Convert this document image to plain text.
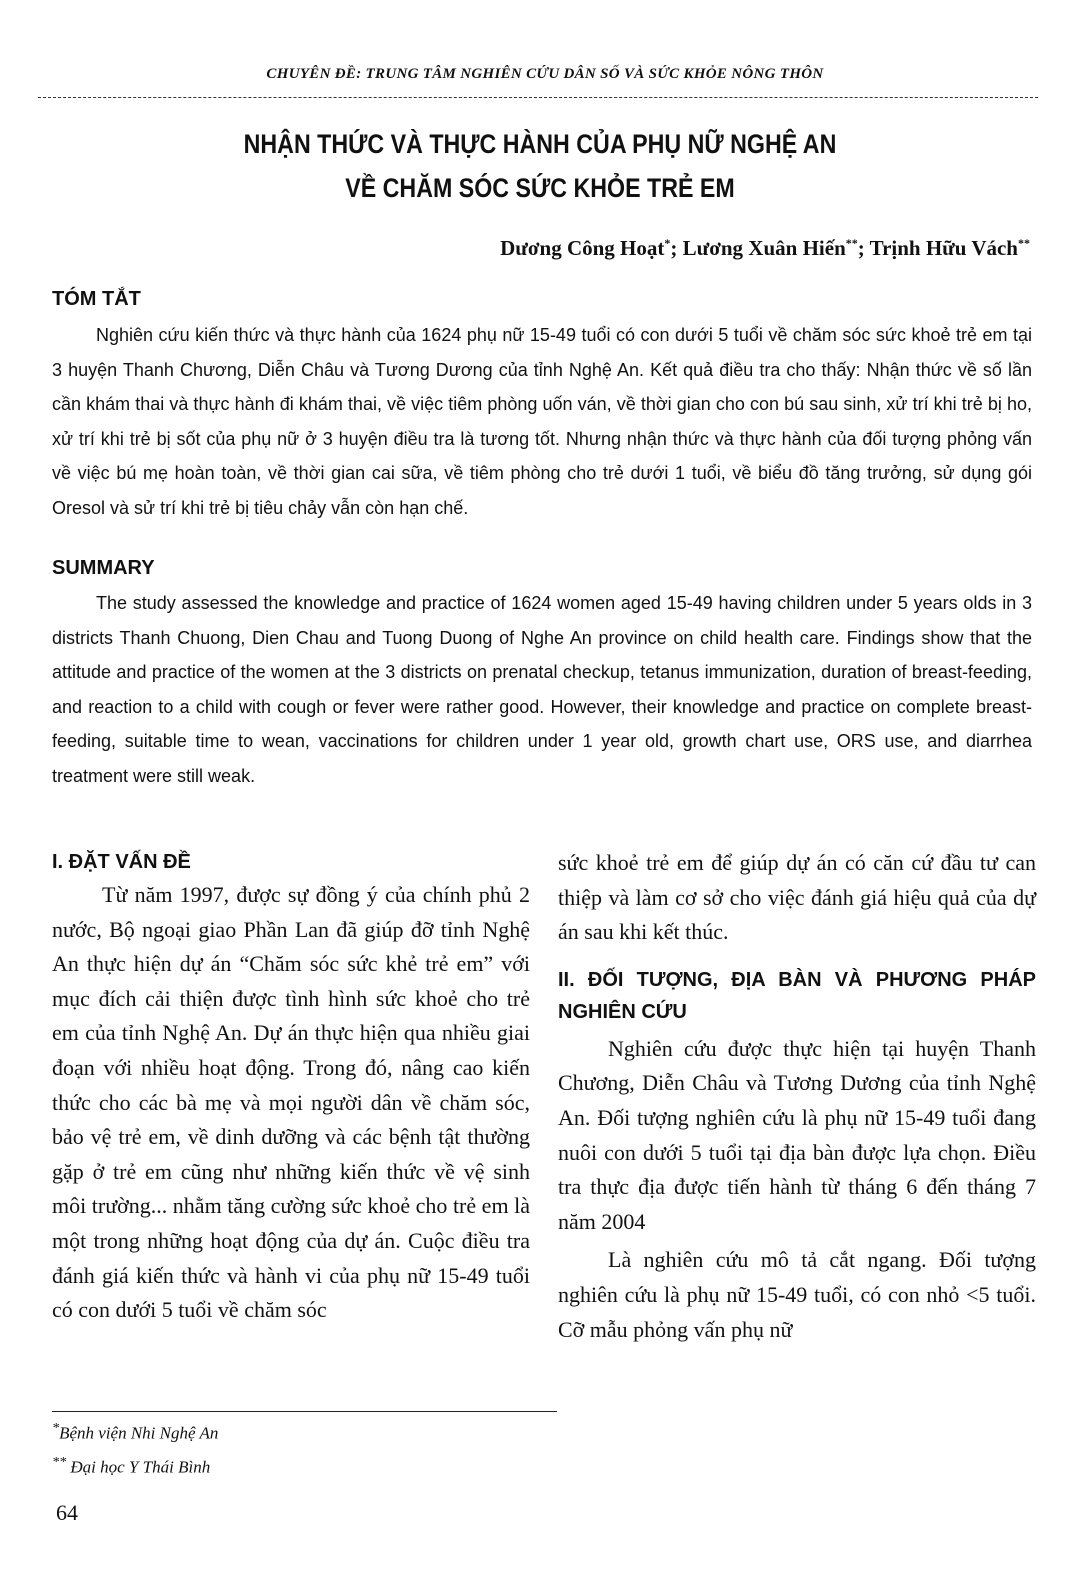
CHUYÊN ĐỀ: TRUNG TÂM NGHIÊN CỨU DÂN SỐ VÀ SỨC KHỎE NÔNG THÔN
NHẬN THỨC VÀ THỰC HÀNH CỦA PHỤ NỮ NGHỆ AN
VỀ CHĂM SÓC SỨC KHỎE TRẺ EM
Dương Công Hoạt*; Lương Xuân Hiến**; Trịnh Hữu Vách**
TÓM TẮT

Nghiên cứu kiến thức và thực hành của 1624 phụ nữ 15-49 tuổi có con dưới 5 tuổi về chăm sóc sức khoẻ trẻ em tại 3 huyện Thanh Chương, Diễn Châu và Tương Dương của tỉnh Nghệ An. Kết quả điều tra cho thấy: Nhận thức về số lần cần khám thai và thực hành đi khám thai, về việc tiêm phòng uốn ván, về thời gian cho con bú sau sinh, xử trí khi trẻ bị ho, xử trí khi trẻ bị sốt của phụ nữ ở 3 huyện điều tra là tương tốt. Nhưng nhận thức và thực hành của đối tượng phỏng vấn về việc bú mẹ hoàn toàn, về thời gian cai sữa, về tiêm phòng cho trẻ dưới 1 tuổi, về biểu đồ tăng trưởng, sử dụng gói Oresol và sử trí khi trẻ bị tiêu chảy vẫn còn hạn chế.

SUMMARY

The study assessed the knowledge and practice of 1624 women aged 15-49 having children under 5 years olds in 3 districts Thanh Chuong, Dien Chau and Tuong Duong of Nghe An province on child health care. Findings show that the attitude and practice of the women at the 3 districts on prenatal checkup, tetanus immunization, duration of breast-feeding, and reaction to a child with cough or fever were rather good. However, their knowledge and practice on complete breast-feeding, suitable time to wean, vaccinations for children under 1 year old, growth chart use, ORS use, and diarrhea treatment were still weak.

I. ĐẶT VẤN ĐỀ

Từ năm 1997, được sự đồng ý của chính phủ 2 nước, Bộ ngoại giao Phần Lan đã giúp đỡ tỉnh Nghệ An thực hiện dự án “Chăm sóc sức khẻ trẻ em” với mục đích cải thiện được tình hình sức khoẻ cho trẻ em của tỉnh Nghệ An. Dự án thực hiện qua nhiều giai đoạn với nhiều hoạt động. Trong đó, nâng cao kiến thức cho các bà mẹ và mọi người dân về chăm sóc, bảo vệ trẻ em, về dinh dưỡng và các bệnh tật thường gặp ở trẻ em cũng như những kiến thức về vệ sinh môi trường... nhằm tăng cường sức khoẻ cho trẻ em là một trong những hoạt động của dự án. Cuộc điều tra đánh giá kiến thức và hành vi của phụ nữ 15-49 tuổi có con dưới 5 tuổi về chăm sóc

sức khoẻ trẻ em để giúp dự án có căn cứ đầu tư can thiệp và làm cơ sở cho việc đánh giá hiệu quả của dự án sau khi kết thúc.

II. ĐỐI TƯỢNG, ĐỊA BÀN VÀ PHƯƠNG PHÁP NGHIÊN CỨU

Nghiên cứu được thực hiện tại huyện Thanh Chương, Diễn Châu và Tương Dương của tỉnh Nghệ An. Đối tượng nghiên cứu là phụ nữ 15-49 tuổi đang nuôi con dưới 5 tuổi tại địa bàn được lựa chọn. Điều tra thực địa được tiến hành từ tháng 6 đến tháng 7 năm 2004

Là nghiên cứu mô tả cắt ngang. Đối tượng nghiên cứu là phụ nữ 15-49 tuổi, có con nhỏ <5 tuổi. Cỡ mẫu phỏng vấn phụ nữ

*Bệnh viện Nhi Nghệ An
** Đại học Y Thái Bình
64
